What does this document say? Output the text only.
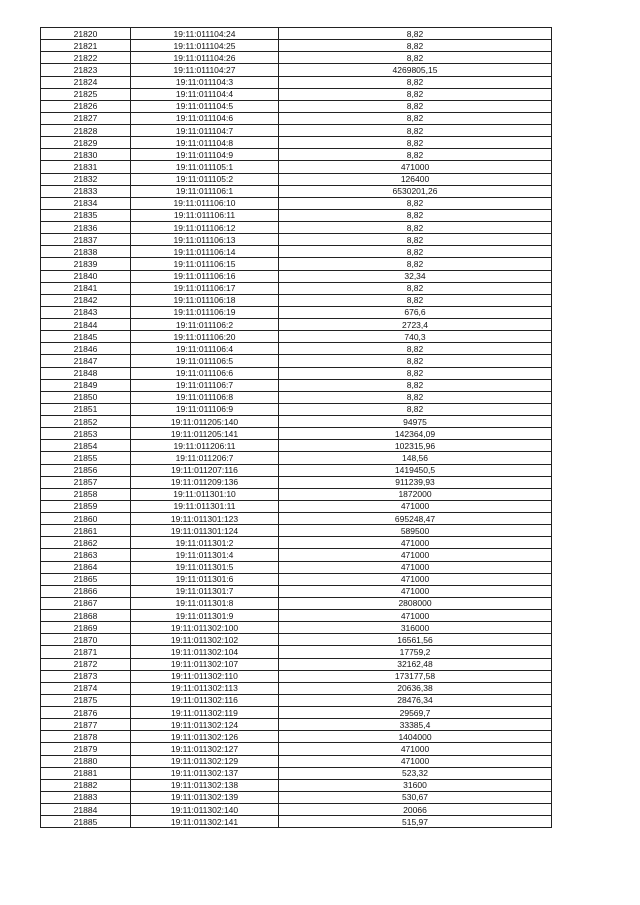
21820	19:11:011104:24	8,82
21821	19:11:011104:25	8,82
21822	19:11:011104:26	8,82
21823	19:11:011104:27	4269805,15
21824	19:11:011104:3	8,82
21825	19:11:011104:4	8,82
21826	19:11:011104:5	8,82
21827	19:11:011104:6	8,82
21828	19:11:011104:7	8,82
21829	19:11:011104:8	8,82
21830	19:11:011104:9	8,82
21831	19:11:011105:1	471000
21832	19:11:011105:2	126400
21833	19:11:011106:1	6530201,26
21834	19:11:011106:10	8,82
21835	19:11:011106:11	8,82
21836	19:11:011106:12	8,82
21837	19:11:011106:13	8,82
21838	19:11:011106:14	8,82
21839	19:11:011106:15	8,82
21840	19:11:011106:16	32,34
21841	19:11:011106:17	8,82
21842	19:11:011106:18	8,82
21843	19:11:011106:19	676,6
21844	19:11:011106:2	2723,4
21845	19:11:011106:20	740,3
21846	19:11:011106:4	8,82
21847	19:11:011106:5	8,82
21848	19:11:011106:6	8,82
21849	19:11:011106:7	8,82
21850	19:11:011106:8	8,82
21851	19:11:011106:9	8,82
21852	19:11:011205:140	94975
21853	19:11:011205:141	142364,09
21854	19:11:011206:11	102315,96
21855	19:11:011206:7	148,56
21856	19:11:011207:116	1419450,5
21857	19:11:011209:136	911239,93
21858	19:11:011301:10	1872000
21859	19:11:011301:11	471000
21860	19:11:011301:123	695248,47
21861	19:11:011301:124	589500
21862	19:11:011301:2	471000
21863	19:11:011301:4	471000
21864	19:11:011301:5	471000
21865	19:11:011301:6	471000
21866	19:11:011301:7	471000
21867	19:11:011301:8	2808000
21868	19:11:011301:9	471000
21869	19:11:011302:100	316000
21870	19:11:011302:102	16561,56
21871	19:11:011302:104	17759,2
21872	19:11:011302:107	32162,48
21873	19:11:011302:110	173177,58
21874	19:11:011302:113	20636,38
21875	19:11:011302:116	28476,34
21876	19:11:011302:119	29569,7
21877	19:11:011302:124	33385,4
21878	19:11:011302:126	1404000
21879	19:11:011302:127	471000
21880	19:11:011302:129	471000
21881	19:11:011302:137	523,32
21882	19:11:011302:138	31600
21883	19:11:011302:139	530,67
21884	19:11:011302:140	20066
21885	19:11:011302:141	515,97
